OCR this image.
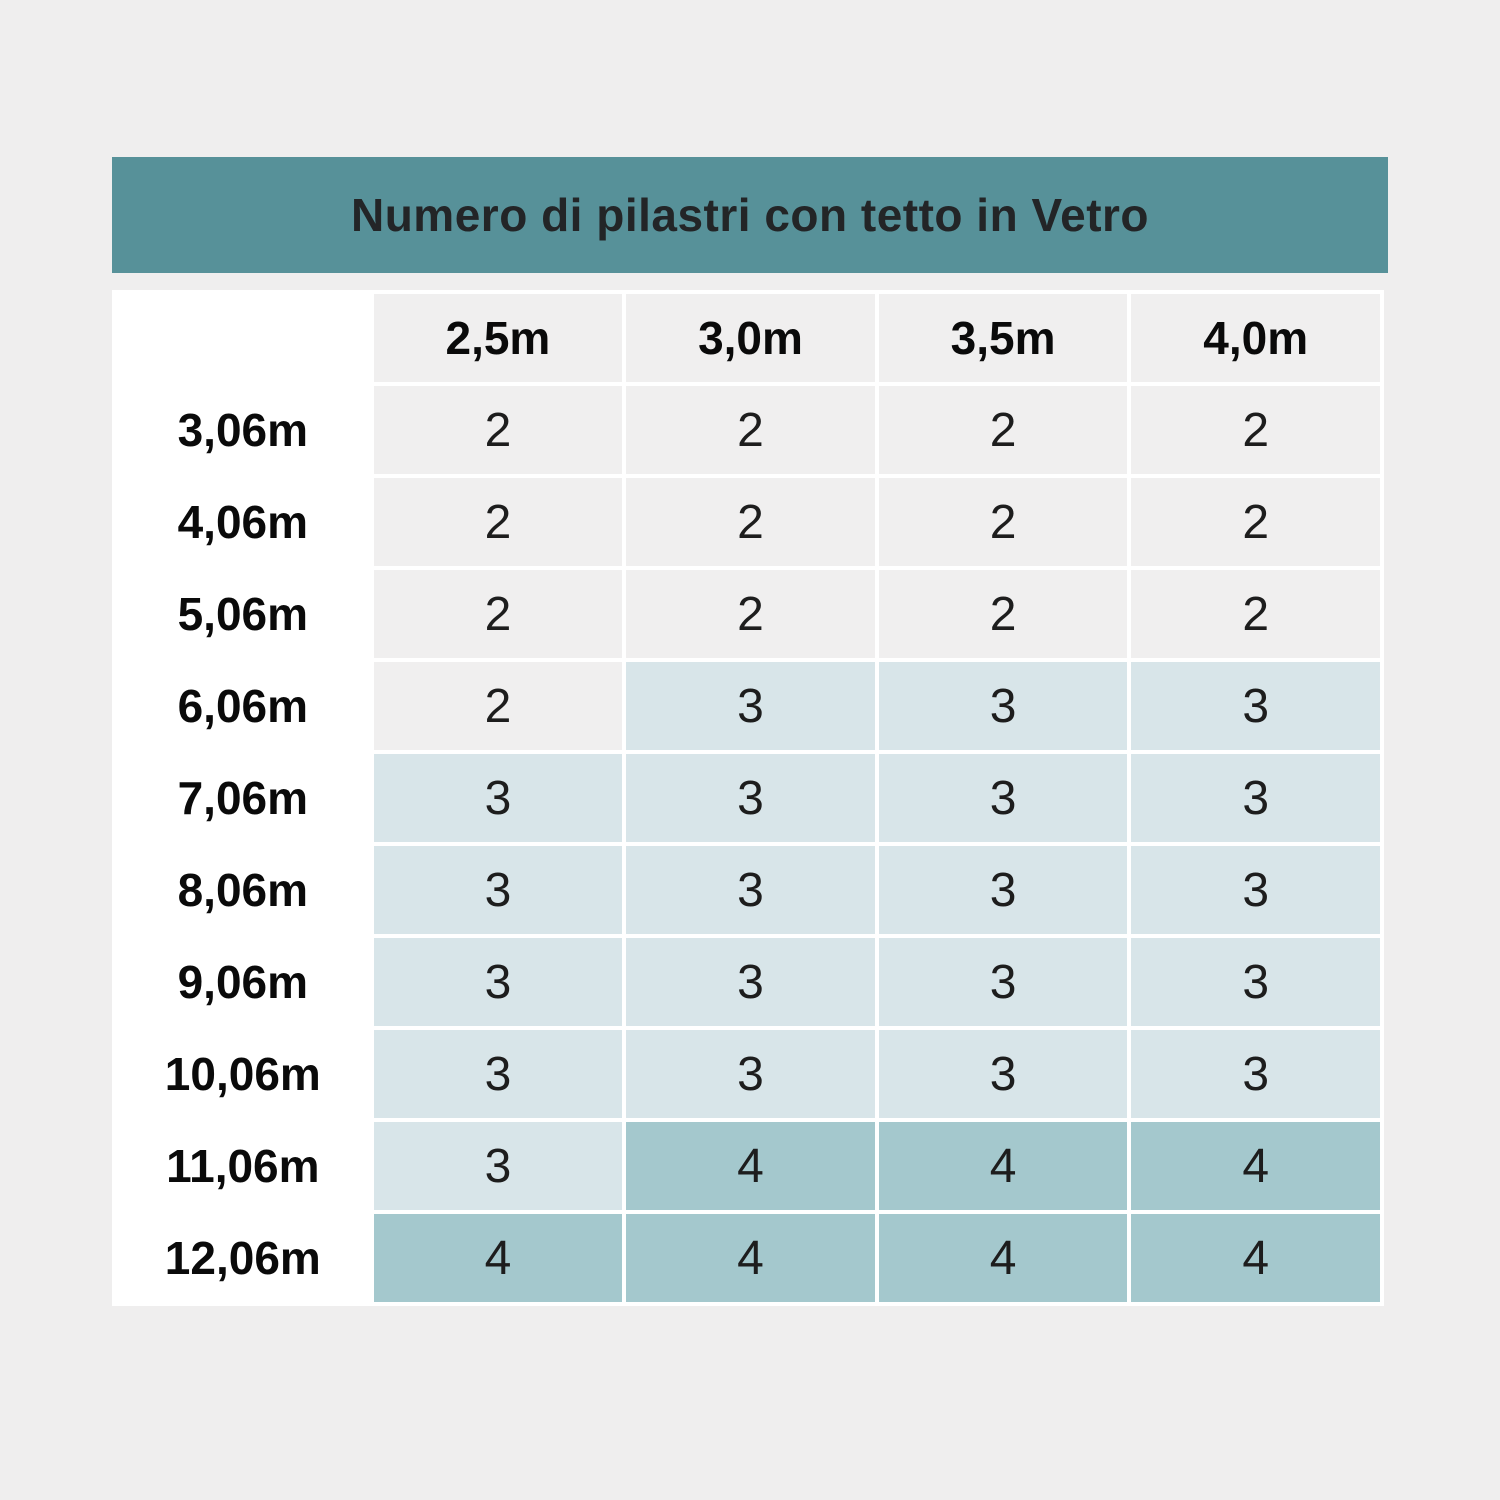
Numero di pilastri con tetto in Vetro
	2,5m	3,0m	3,5m	4,0m
3,06m	2	2	2	2
4,06m	2	2	2	2
5,06m	2	2	2	2
6,06m	2	3	3	3
7,06m	3	3	3	3
8,06m	3	3	3	3
9,06m	3	3	3	3
10,06m	3	3	3	3
11,06m	3	4	4	4
12,06m	4	4	4	4
